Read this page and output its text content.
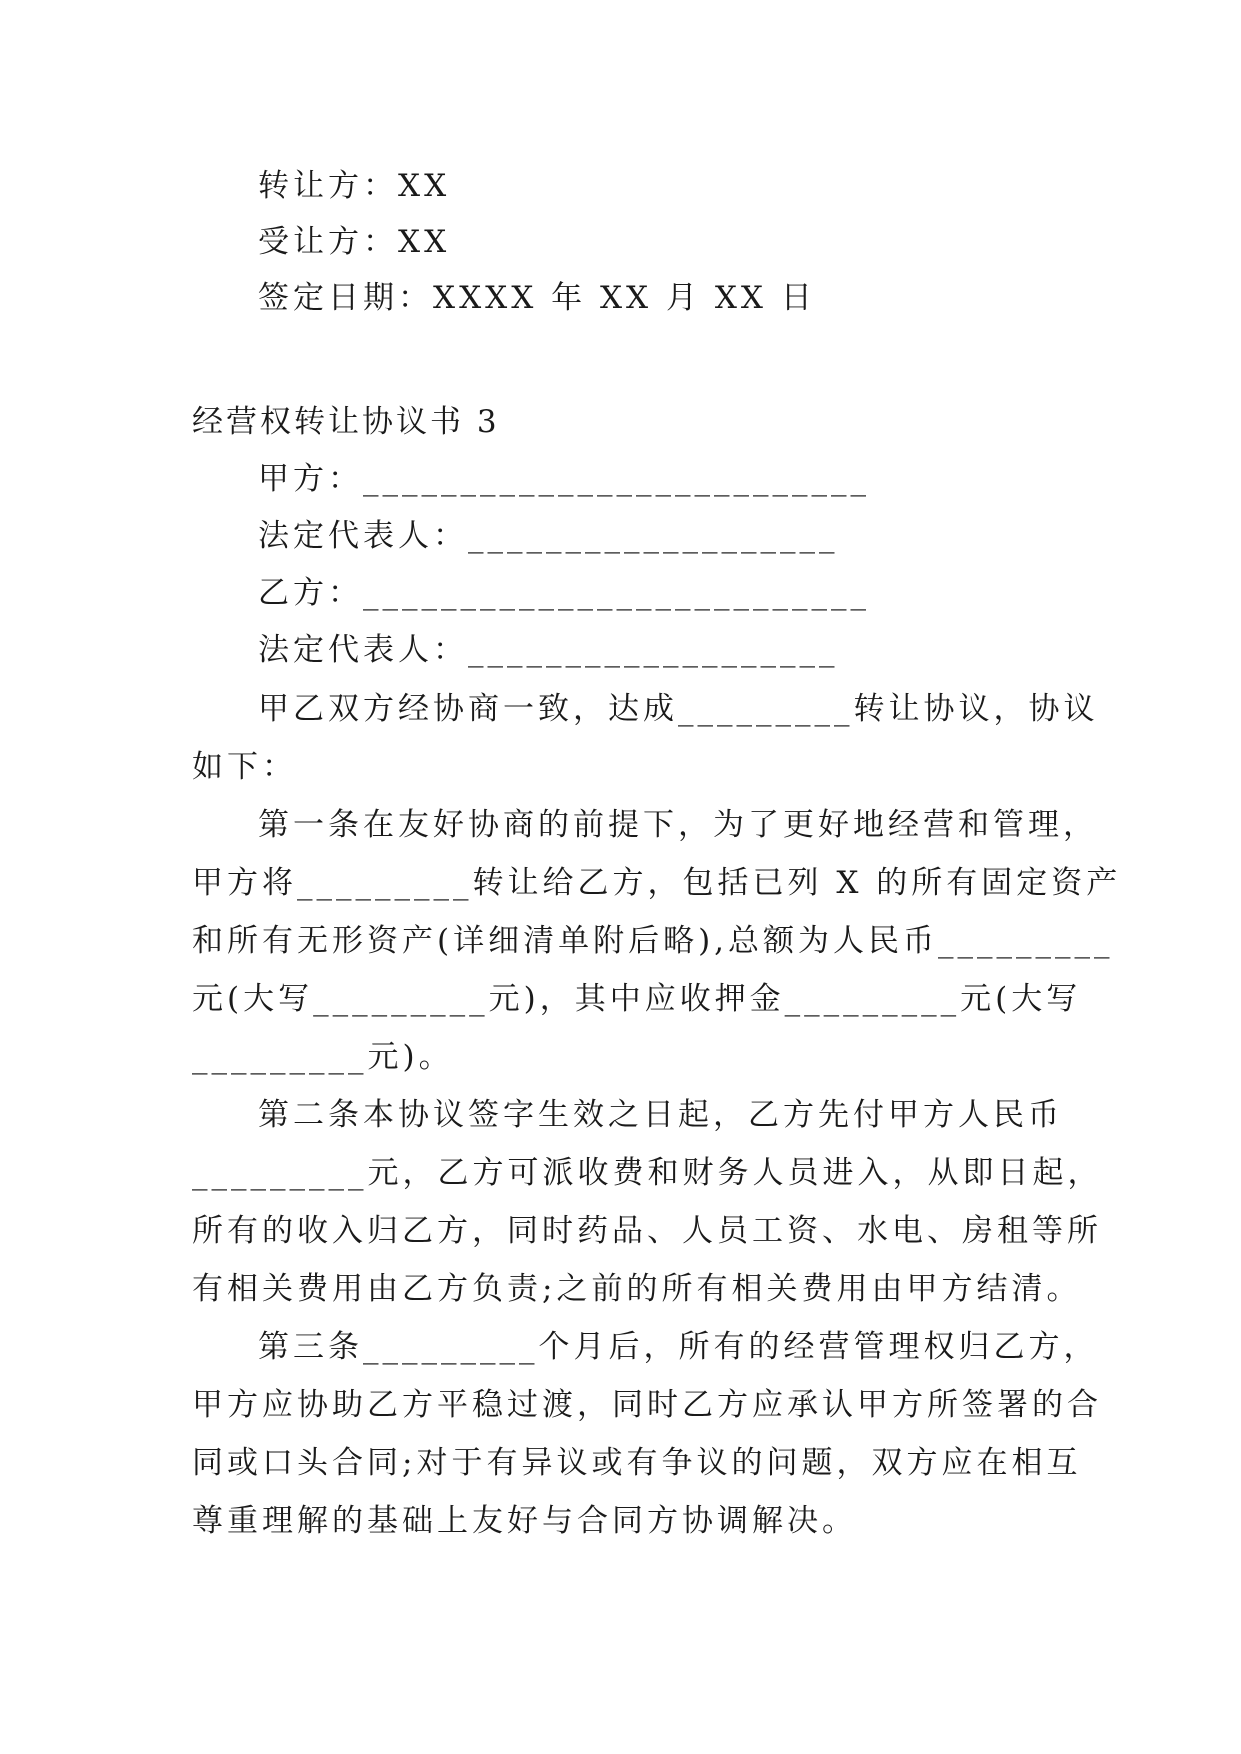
转让方：XX
受让方：XX
签定日期：XXXX 年 XX 月 XX 日
经营权转让协议书 3
甲方：__________________________
法定代表人：___________________
乙方：__________________________
法定代表人：___________________
甲乙双方经协商一致，达成_________转让协议，协议
如下：
第一条在友好协商的前提下，为了更好地经营和管理，
甲方将_________转让给乙方，包括已列 X 的所有固定资产
和所有无形资产(详细清单附后略),总额为人民币_________
元(大写_________元)，其中应收押金_________元(大写
_________元)。
第二条本协议签字生效之日起，乙方先付甲方人民币
_________元，乙方可派收费和财务人员进入，从即日起，
所有的收入归乙方，同时药品、人员工资、水电、房租等所
有相关费用由乙方负责;之前的所有相关费用由甲方结清。
第三条_________个月后，所有的经营管理权归乙方，
甲方应协助乙方平稳过渡，同时乙方应承认甲方所签署的合
同或口头合同;对于有异议或有争议的问题，双方应在相互
尊重理解的基础上友好与合同方协调解决。
